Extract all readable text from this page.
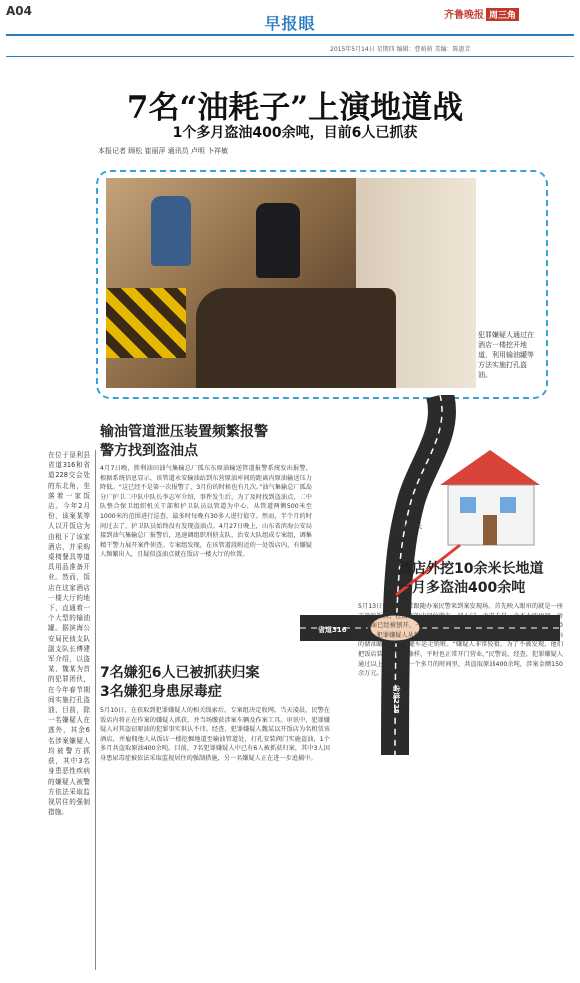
A04
早报眼	齐鲁晚报 周三角
2015年5月14日 星期四 编辑：曹萌萌 美编：陈惠芳
7名“油耗子”上演地道战
1个多月盗油400余吨，目前6人已抓获
本报记者 顾松 崔丽萍 通讯员 卢明 卜祥敏
犯罪嫌疑人通过在酒店一楼挖开地道，利用输油罐等方法实施打孔盗油。
10余米
省道316
省道228
在位于垦利县省道316和省道228交会处的东北角，坐落着一家饭店。今年2月份，该案某等人以开饭店为由租下了该家酒店，并采购桌椅餐具等道具用品准备开业。然而，饭店在这家酒店一楼大厅的地下，直通着一个大型的输油罐。据滨海公安局民侦支队副支队长傅建军介绍，以盗某、魏某为首的犯罪团伙，在今年春节期间实施打孔盗油，目前，除一名嫌疑人在逃外，其余6名涉案嫌疑人均被警方抓获，其中3名身患恶性疾病的嫌疑人被警方依法采取监视居住的强制措施。
输油管道泄压装置频繁报警
警方找到盗油点
4月7日晚，胜利油田油气集输总厂孤东东原油输送管道报警系统发出报警，根据系统信息显示，该管道永安输油站到东营原油库间的距离内原油输送压力降低。“这已经不是第一次报警了，3月份的时候也有几次。”油气集输总厂孤岛分厂护卫二中队中队长李志军介绍，事件发生后，为了及时找到盗油点，二中队整合保卫组织机关干部和护卫队员以管道为中心，从管道两侧500米至1000米的范围进行巡查，最多时每晚有30多人进行值守。然而，半个月的时间过去了，护卫队员始终没有发现盗油点。4月27日晚上，山东省滨海公安局接到油气集输总厂报警后，迅速调组织刑侦支队、治安大队组成专案组，调集精干警力展开案件侦查。专案组发现，在该管道段附近的一处饭店内，有嫌疑人频繁出入，且疑似盗油点就在饭店一楼大厅的位置。
7名嫌犯6人已被抓获归案
3名嫌犯身患尿毒症
5月10日，在获取到犯罪嫌疑人的相关线索后，专案组决定收网。当天凌晨，民警在饭店内将正在作案的嫌疑人抓获，并当场缴获涉案车辆及作案工具。审讯中，犯罪嫌疑人对其盗窃原油的犯罪事实供认不讳。经查，犯罪嫌疑人魏某以开饭店为名租赁该酒店，并雇佣他人从饭店一楼挖掘地道至输油管道处，打孔安装阀门实施盗油，1个多月共盗取原油400余吨。目前，7名犯罪嫌疑人中已有6人被抓获归案，其中3人因身患尿毒症被依法采取监视居住的强制措施，另一名嫌疑人正在进一步追捕中。
酒店外挖10余米长地道
一月多盗油400余吨
5月13日中午，记者跟随办案民警来到案发现场。首先映入眼帘的就是一座干净的饭店，在饭店的中间位置有一间小门，走进去是一个不大的房间，房间地面已经被刨开，一条地道直通管道方向。据民警介绍，这条地道长10余米，犯罪嫌疑人从地道尽头打孔安装阀门后，通过软管将原油引到饭店内的储油罐中，再用罐车运走销赃。“嫌疑人非常狡猾，为了不被发现，他们把饭店装修得像模像样，平时也正常开门营业。”民警说。经查，犯罪嫌疑人通过以上方式，在一个多月的时间里，共盗取原油400余吨，涉案金额150余万元。
